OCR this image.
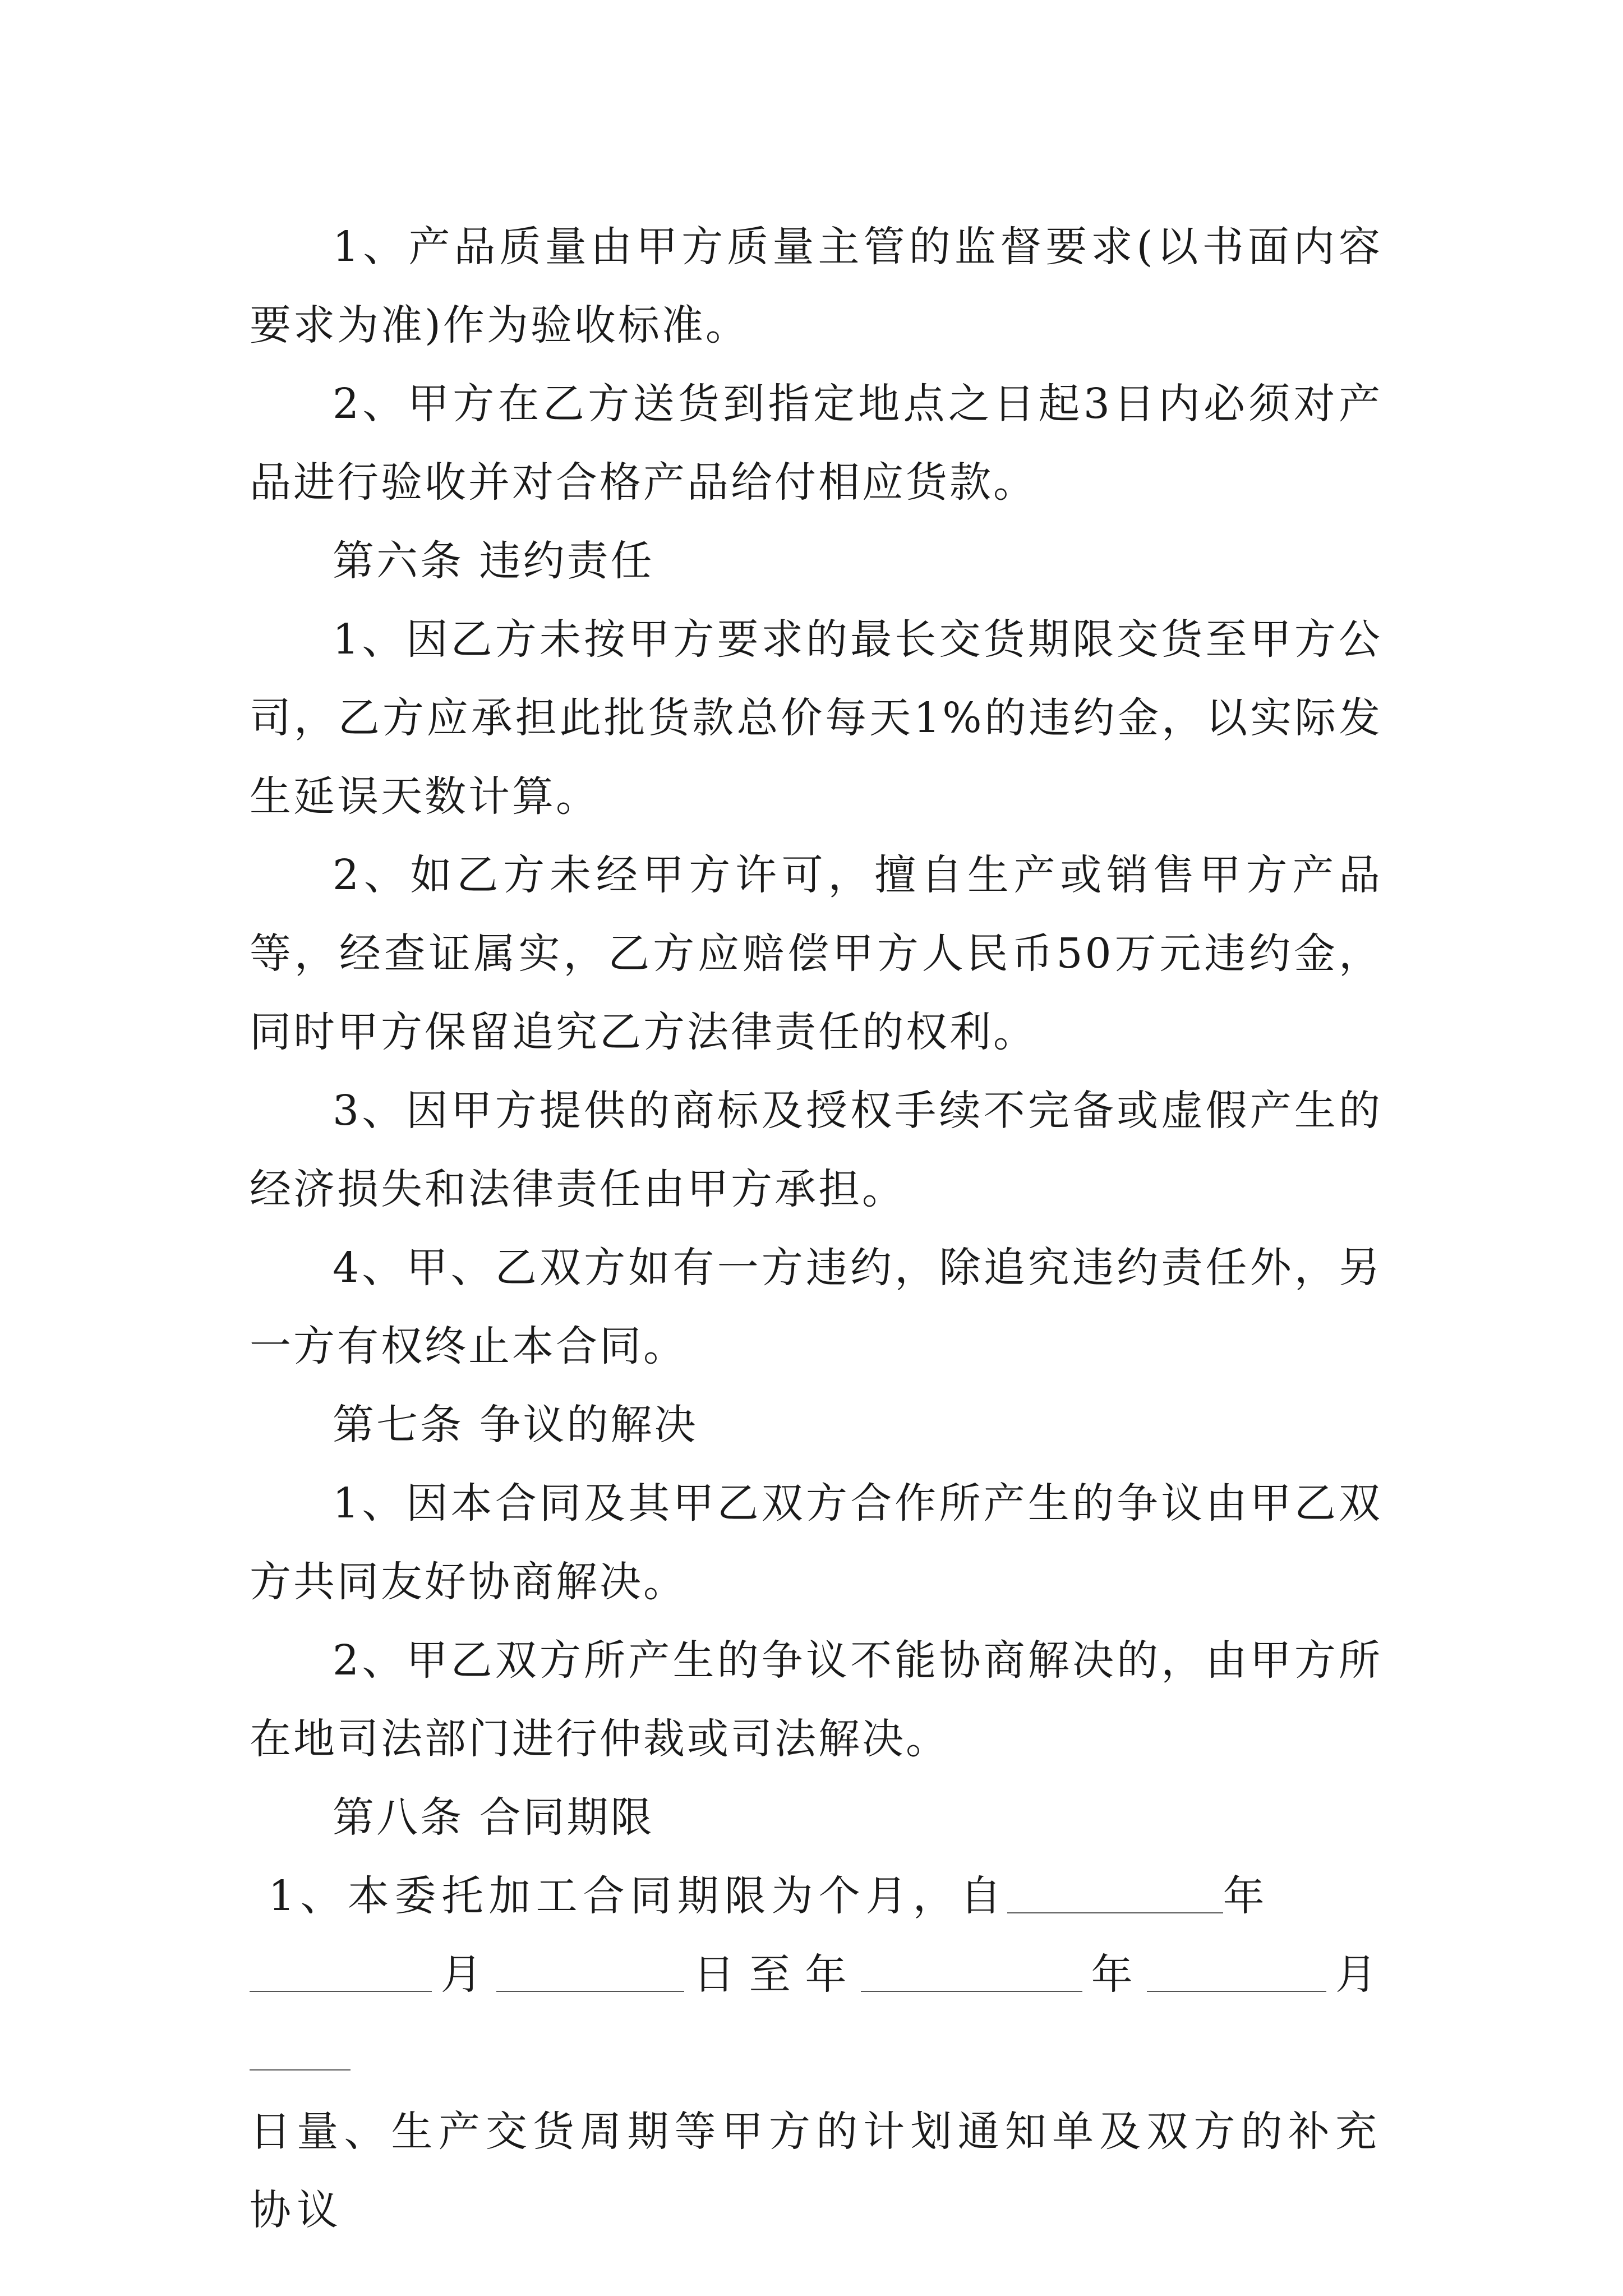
1、产品质量由甲方质量主管的监督要求(以书面内容要求为准)作为验收标准。

2、甲方在乙方送货到指定地点之日起3日内必须对产品进行验收并对合格产品给付相应货款。

第六条 违约责任

1、因乙方未按甲方要求的最长交货期限交货至甲方公司，乙方应承担此批货款总价每天1%的违约金，以实际发生延误天数计算。

2、如乙方未经甲方许可，擅自生产或销售甲方产品等，经查证属实，乙方应赔偿甲方人民币50万元违约金，同时甲方保留追究乙方法律责任的权利。

3、因甲方提供的商标及授权手续不完备或虚假产生的经济损失和法律责任由甲方承担。

4、甲、乙双方如有一方违约，除追究违约责任外，另一方有权终止本合同。

第七条 争议的解决

1、因本合同及其甲乙双方合作所产生的争议由甲乙双方共同友好协商解决。

2、甲乙双方所产生的争议不能协商解决的，由甲方所在地司法部门进行仲裁或司法解决。

第八条 合同期限

1、本委托加工合同期限为个月，自	年
月	日至年	年	月
日量、生产交货周期等甲方的计划通知单及双方的补充协议
